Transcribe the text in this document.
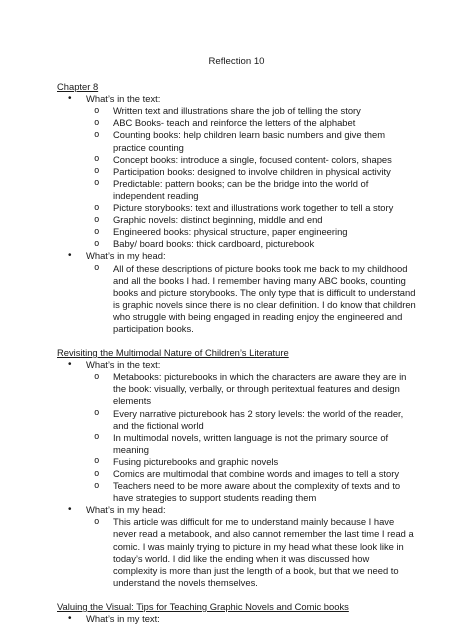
Reflection 10

Chapter 8

• What’s in the text:
o Written text and illustrations share the job of telling the story
o ABC Books- teach and reinforce the letters of the alphabet
o Counting books: help children learn basic numbers and give them practice counting
o Concept books: introduce a single, focused content- colors, shapes
o Participation books: designed to involve children in physical activity
o Predictable: pattern books; can be the bridge into the world of independent reading
o Picture storybooks: text and illustrations work together to tell a story
o Graphic novels: distinct beginning, middle and end
o Engineered books: physical structure, paper engineering
o Baby/ board books: thick cardboard, picturebook
• What’s in my head:
o All of these descriptions of picture books took me back to my childhood and all the books I had. I remember having many ABC books, counting books and picture storybooks. The only type that is difficult to understand is graphic novels since there is no clear definition. I do know that children who struggle with being engaged in reading enjoy the engineered and participation books.

Revisiting the Multimodal Nature of Children’s Literature

• What’s in the text:
o Metabooks: picturebooks in which the characters are aware they are in the book: visually, verbally, or through peritextual features and design elements
o Every narrative picturebook has 2 story levels: the world of the reader, and the fictional world
o In multimodal novels, written language is not the primary source of meaning
o Fusing picturebooks and graphic novels
o Comics are multimodal that combine words and images to tell a story
o Teachers need to be more aware about the complexity of texts and to have strategies to support students reading them
• What’s in my head:
o This article was difficult for me to understand mainly because I have never read a metabook, and also cannot remember the last time I read a comic. I was mainly trying to picture in my head what these look like in today’s world. I did like the ending when it was discussed how complexity is more than just the length of a book, but that we need to understand the novels themselves.

Valuing the Visual: Tips for Teaching Graphic Novels and Comic books

• What’s in my text:
